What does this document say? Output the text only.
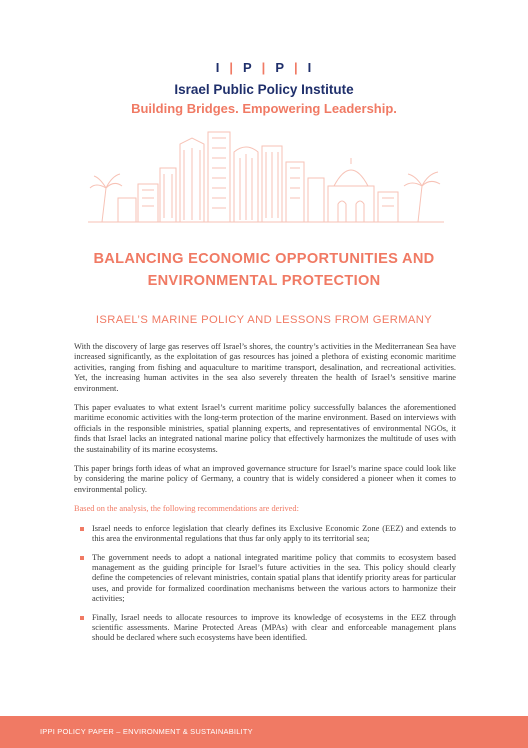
I | P | P | I
Israel Public Policy Institute
Building Bridges. Empowering Leadership.
BALANCING ECONOMIC OPPORTUNITIES AND
ENVIRONMENTAL PROTECTION
ISRAEL’S MARINE POLICY AND LESSONS FROM GERMANY

With the discovery of large gas reserves off Israel’s shores, the country’s activities in the Mediterranean Sea have increased significantly, as the exploitation of gas resources has joined a plethora of existing economic maritime activities, ranging from fishing and aquaculture to maritime transport, desalination, and recreational activities. Yet, the increasing human activites in the sea also severely threaten the health of Israel’s sensitive marine environment.

This paper evaluates to what extent Israel’s current maritime policy successfully balances the aforementioned maritime economic activities with the long-term protection of the marine environment. Based on interviews with officials in the responsible ministries, spatial planning experts, and representatives of environmental NGOs, it finds that Israel lacks an integrated national marine policy that effectively harmonizes the multitude of uses with the sustainability of its marine ecosystems.

This paper brings forth ideas of what an improved governance structure for Israel’s marine space could look like by considering the marine policy of Germany, a country that is widely considered a pioneer when it comes to environmental policy.

Based on the analysis, the following recommendations are derived:

Israel needs to enforce legislation that clearly defines its Exclusive Economic Zone (EEZ) and extends to this area the environmental regulations that thus far only apply to its territorial sea;
The government needs to adopt a national integrated maritime policy that commits to ecosystem based management as the guiding principle for Israel’s future activities in the sea. This policy should clearly define the competencies of relevant ministries, contain spatial plans that identify priority areas for particular uses, and provide for formalized coordination mechanisms between the various actors to harmonize their activities;
Finally, Israel needs to allocate resources to improve its knowledge of ecosystems in the EEZ through scientific assessments. Marine Protected Areas (MPAs) with clear and enforceable management plans should be declared where such ecosystems have been identified.
IPPI POLICY PAPER – ENVIRONMENT & SUSTAINABILITY
